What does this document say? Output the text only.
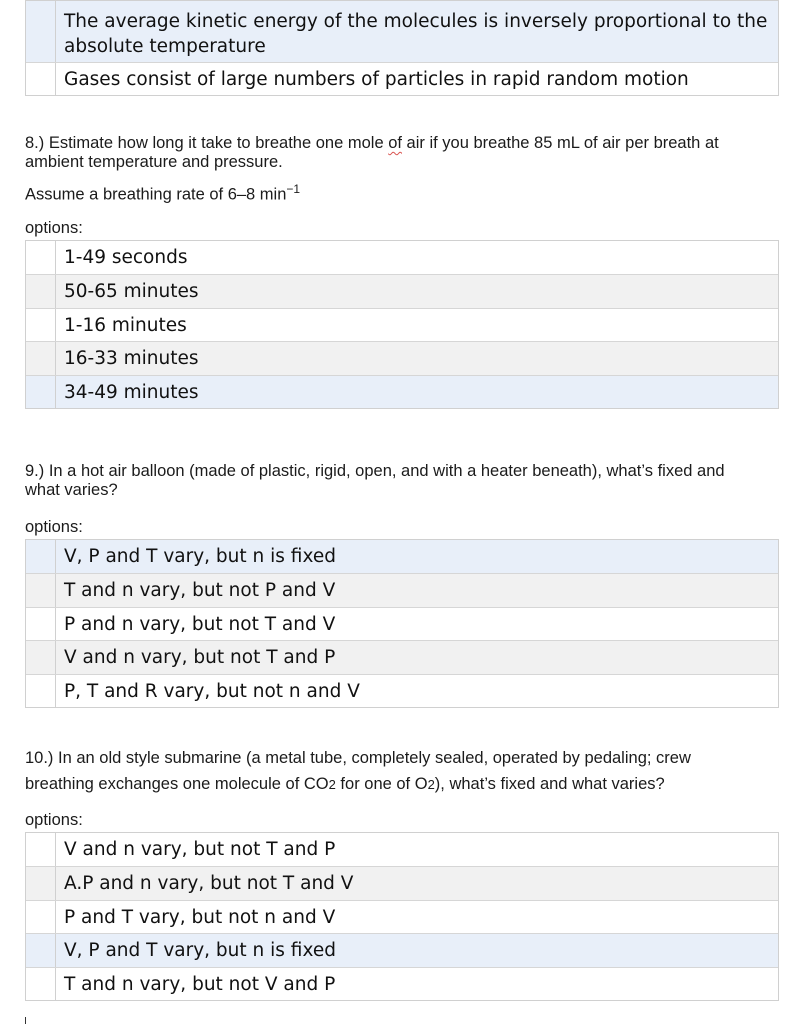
The average kinetic energy of the molecules is inversely proportional to the absolute temperature
Gases consist of large numbers of particles in rapid random motion
8.) Estimate how long it take to breathe one mole of air if you breathe 85 mL of air per breath at
ambient temperature and pressure.
Assume a breathing rate of 6–8 $\min^{-1}$
options:
1-49 seconds
50-65 minutes
1-16 minutes
16-33 minutes
34-49 minutes
9.) In a hot air balloon (made of plastic, rigid, open, and with a heater beneath), what’s fixed and
what varies?
options:
V, P and T vary, but n is fixed
T and n vary, but not P and V
P and n vary, but not T and V
V and n vary, but not T and P
P, T and R vary, but not n and V
10.) In an old style submarine (a metal tube, completely sealed, operated by pedaling; crew
breathing exchanges one molecule of CO2 for one of O2), what’s fixed and what varies?
options:
V and n vary, but not T and P
A.P and n vary, but not T and V
P and T vary, but not n and V
V, P and T vary, but n is fixed
T and n vary, but not V and P
